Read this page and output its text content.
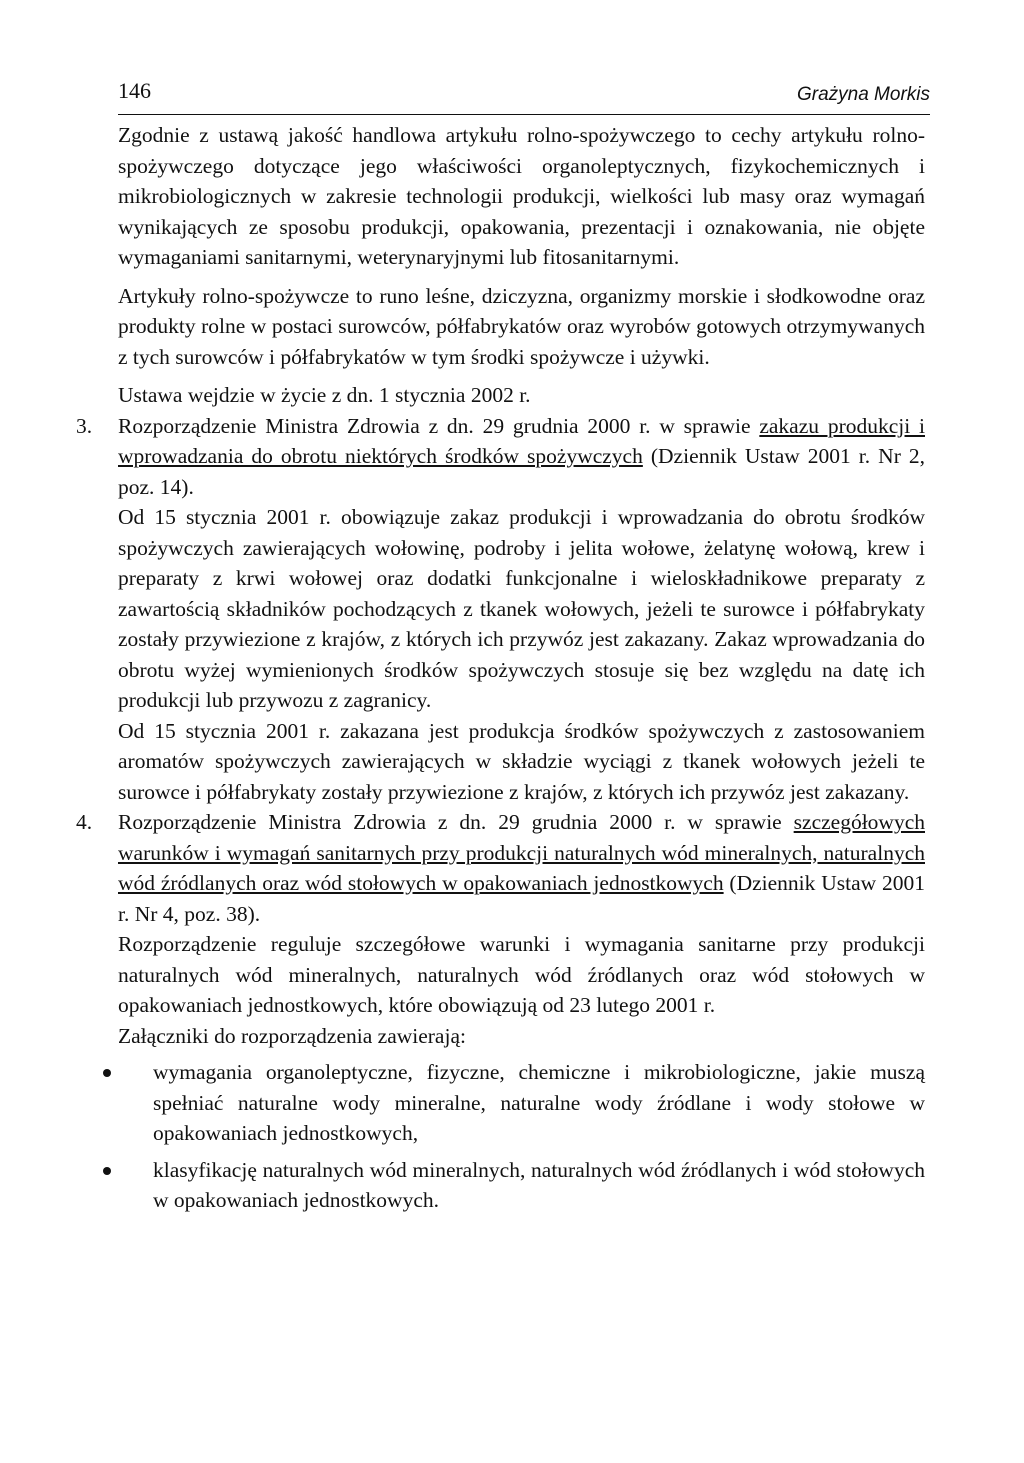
146	Grażyna Morkis

Zgodnie z ustawą jakość handlowa artykułu rolno-spożywczego to cechy artykułu rolno-spożywczego dotyczące jego właściwości organoleptycznych, fizykochemicznych i mikrobiologicznych w zakresie technologii produkcji, wielkości lub masy oraz wymagań wynikających ze sposobu produkcji, opakowania, prezentacji i oznakowania, nie objęte wymaganiami sanitarnymi, weterynaryjnymi lub fitosanitarnymi.

Artykuły rolno-spożywcze to runo leśne, dziczyzna, organizmy morskie i słodkowodne oraz produkty rolne w postaci surowców, półfabrykatów oraz wyrobów gotowych otrzymywanych z tych surowców i półfabrykatów w tym środki spożywcze i używki.

Ustawa wejdzie w życie z dn. 1 stycznia 2002 r.

3. Rozporządzenie Ministra Zdrowia z dn. 29 grudnia 2000 r. w sprawie zakazu produkcji i wprowadzania do obrotu niektórych środków spożywczych (Dziennik Ustaw 2001 r. Nr 2, poz. 14).

Od 15 stycznia 2001 r. obowiązuje zakaz produkcji i wprowadzania do obrotu środków spożywczych zawierających wołowinę, podroby i jelita wołowe, żelatynę wołową, krew i preparaty z krwi wołowej oraz dodatki funkcjonalne i wieloskładnikowe preparaty z zawartością składników pochodzących z tkanek wołowych, jeżeli te surowce i półfabrykaty zostały przywiezione z krajów, z których ich przywóz jest zakazany. Zakaz wprowadzania do obrotu wyżej wymienionych środków spożywczych stosuje się bez względu na datę ich produkcji lub przywozu z zagranicy.

Od 15 stycznia 2001 r. zakazana jest produkcja środków spożywczych z zastosowaniem aromatów spożywczych zawierających w składzie wyciągi z tkanek wołowych jeżeli te surowce i półfabrykaty zostały przywiezione z krajów, z których ich przywóz jest zakazany.

4. Rozporządzenie Ministra Zdrowia z dn. 29 grudnia 2000 r. w sprawie szczegółowych warunków i wymagań sanitarnych przy produkcji naturalnych wód mineralnych, naturalnych wód źródlanych oraz wód stołowych w opakowaniach jednostkowych (Dziennik Ustaw 2001 r. Nr 4, poz. 38).

Rozporządzenie reguluje szczegółowe warunki i wymagania sanitarne przy produkcji naturalnych wód mineralnych, naturalnych wód źródlanych oraz wód stołowych w opakowaniach jednostkowych, które obowiązują od 23 lutego 2001 r.

Załączniki do rozporządzenia zawierają:

wymagania organoleptyczne, fizyczne, chemiczne i mikrobiologiczne, jakie muszą spełniać naturalne wody mineralne, naturalne wody źródlane i wody stołowe w opakowaniach jednostkowych,
klasyfikację naturalnych wód mineralnych, naturalnych wód źródlanych i wód stołowych w opakowaniach jednostkowych.
